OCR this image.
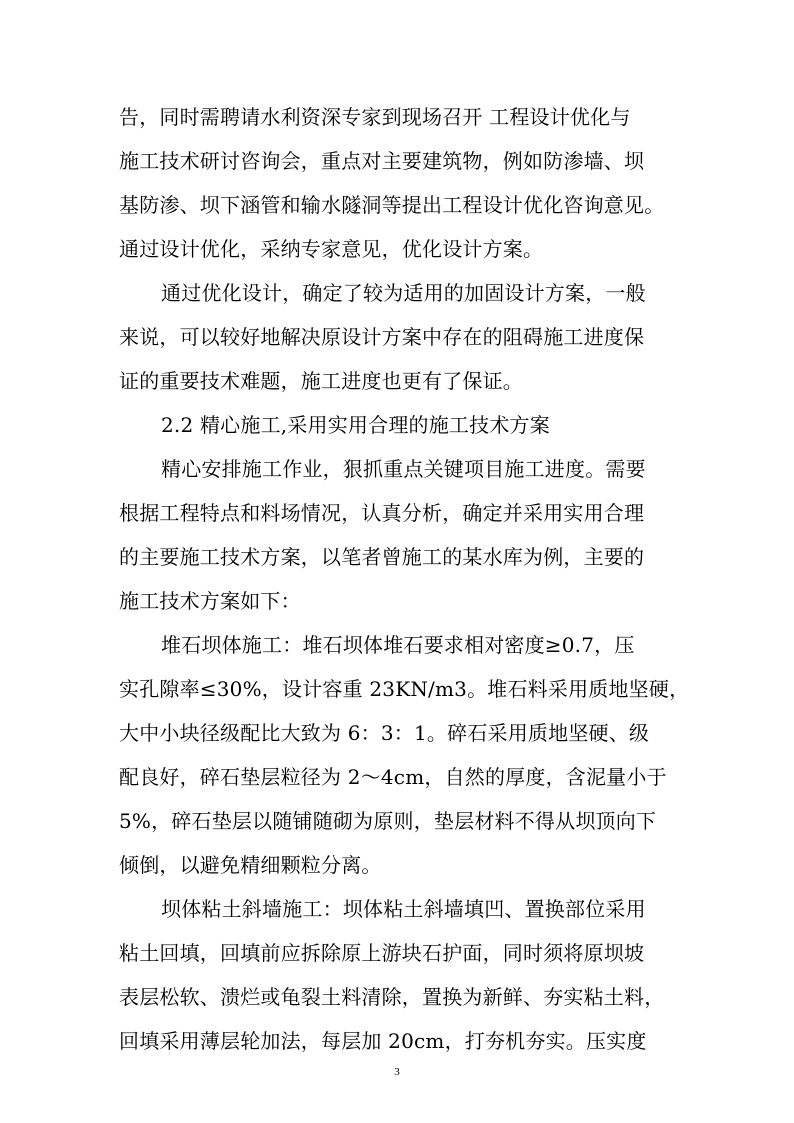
告，同时需聘请水利资深专家到现场召开 工程设计优化与
施工技术研讨咨询会，重点对主要建筑物，例如防渗墙、坝
基防渗、坝下涵管和输水隧洞等提出工程设计优化咨询意见。
通过设计优化，采纳专家意见，优化设计方案。
通过优化设计，确定了较为适用的加固设计方案，一般
来说，可以较好地解决原设计方案中存在的阻碍施工进度保
证的重要技术难题，施工进度也更有了保证。
2.2 精心施工,采用实用合理的施工技术方案
精心安排施工作业，狠抓重点关键项目施工进度。需要
根据工程特点和料场情况，认真分析，确定并采用实用合理
的主要施工技术方案，以笔者曾施工的某水库为例，主要的
施工技术方案如下：
堆石坝体施工：堆石坝体堆石要求相对密度≥0.7，压
实孔隙率≤30%，设计容重 23KN/m3。堆石料采用质地坚硬，
大中小块径级配比大致为 6：3：1。碎石采用质地坚硬、级
配良好，碎石垫层粒径为 2～4cm，自然的厚度，含泥量小于
5%，碎石垫层以随铺随砌为原则，垫层材料不得从坝顶向下
倾倒，以避免精细颗粒分离。
坝体粘土斜墙施工：坝体粘土斜墙填凹、置换部位采用
粘土回填，回填前应拆除原上游块石护面，同时须将原坝坡
表层松软、溃烂或龟裂土料清除，置换为新鲜、夯实粘土料，
回填采用薄层轮加法，每层加 20cm，打夯机夯实。压实度
3
